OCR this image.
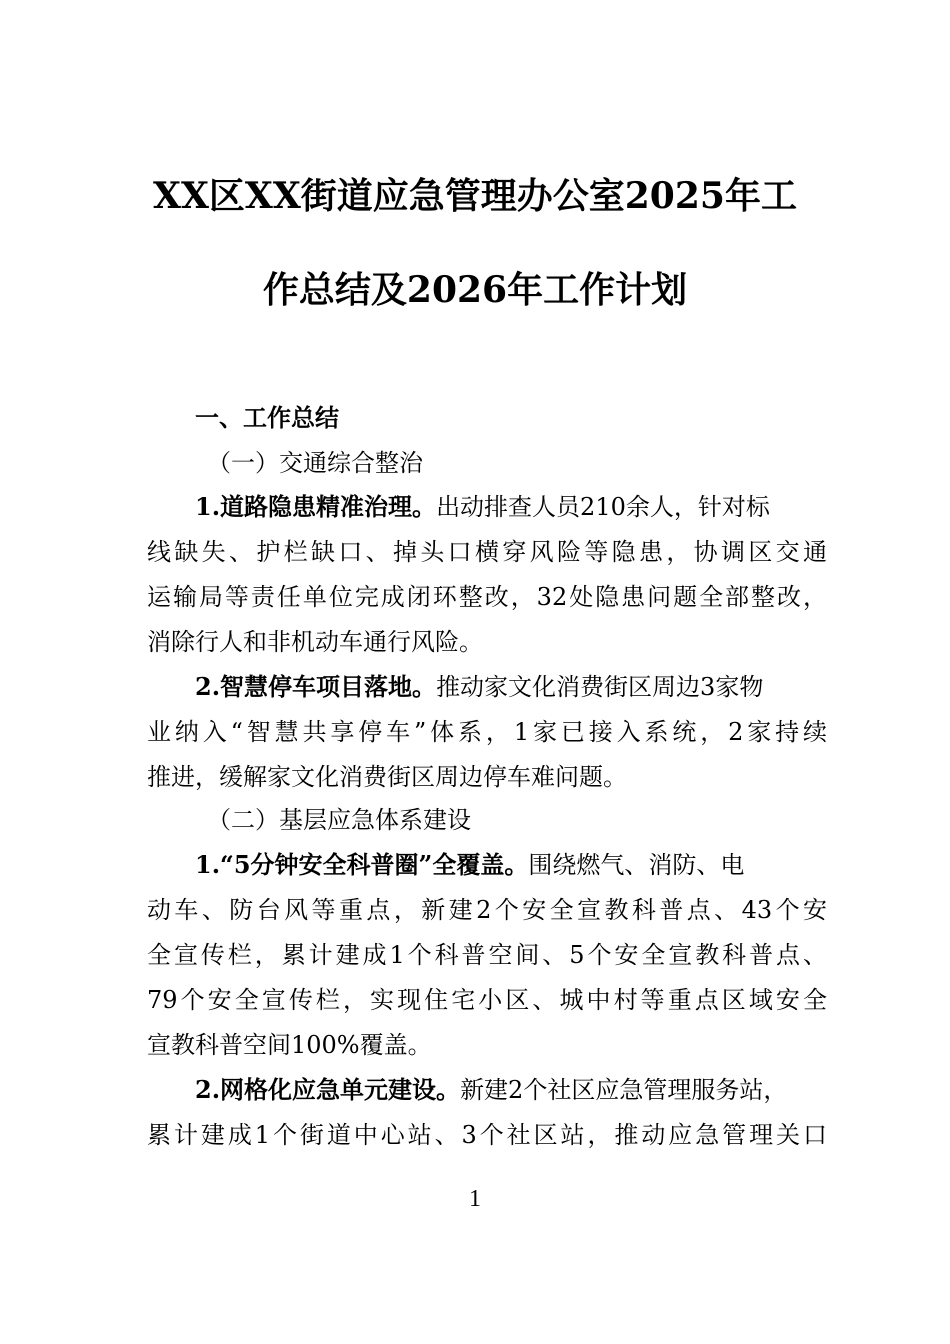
XX区XX街道应急管理办公室2025年工
作总结及2026年工作计划
一、工作总结
（一）交通综合整治
1.道路隐患精准治理。出动排查人员210余人，针对标
线缺失、护栏缺口、掉头口横穿风险等隐患，协调区交通
运输局等责任单位完成闭环整改，32处隐患问题全部整改，
消除行人和非机动车通行风险。
2.智慧停车项目落地。推动家文化消费街区周边3家物
业纳入“智慧共享停车”体系，1家已接入系统，2家持续
推进，缓解家文化消费街区周边停车难问题。
（二）基层应急体系建设
1.“5分钟安全科普圈”全覆盖。围绕燃气、消防、电
动车、防台风等重点，新建2个安全宣教科普点、43个安
全宣传栏，累计建成1个科普空间、5个安全宣教科普点、
79个安全宣传栏，实现住宅小区、城中村等重点区域安全
宣教科普空间100%覆盖。
2.网格化应急单元建设。新建2个社区应急管理服务站，
累计建成1个街道中心站、3个社区站，推动应急管理关口
1
